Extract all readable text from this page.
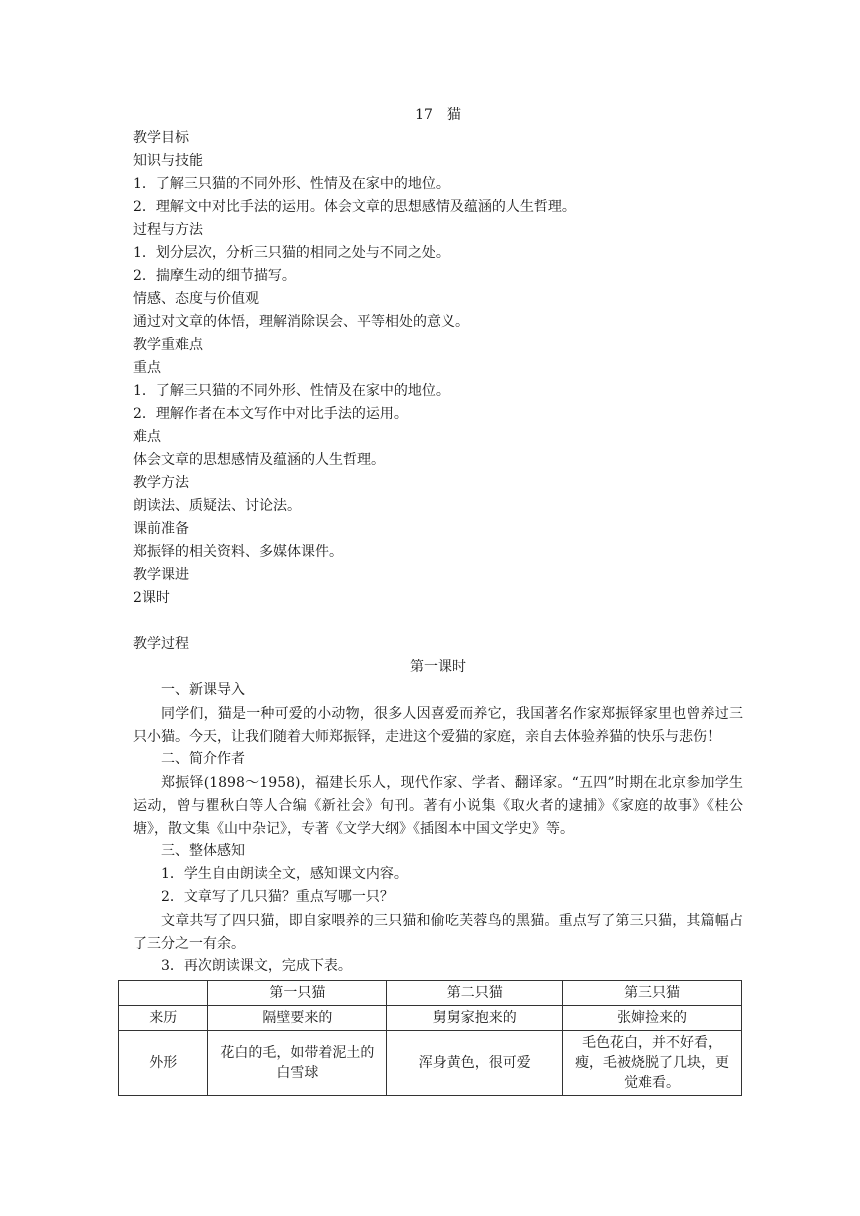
17　猫
教学目标
知识与技能
1．了解三只猫的不同外形、性情及在家中的地位。
2．理解文中对比手法的运用。体会文章的思想感情及蕴涵的人生哲理。
过程与方法
1．划分层次，分析三只猫的相同之处与不同之处。
2．揣摩生动的细节描写。
情感、态度与价值观
通过对文章的体悟，理解消除误会、平等相处的意义。
教学重难点
重点
1．了解三只猫的不同外形、性情及在家中的地位。
2．理解作者在本文写作中对比手法的运用。
难点
体会文章的思想感情及蕴涵的人生哲理。
教学方法
朗读法、质疑法、讨论法。
课前准备
郑振铎的相关资料、多媒体课件。
教学课进
2课时
教学过程
第一课时
一、新课导入
同学们，猫是一种可爱的小动物，很多人因喜爱而养它，我国著名作家郑振铎家里也曾养过三只小猫。今天，让我们随着大师郑振铎，走进这个爱猫的家庭，亲自去体验养猫的快乐与悲伤！
二、简介作者
郑振铎(1898～1958)，福建长乐人，现代作家、学者、翻译家。“五四”时期在北京参加学生运动，曾与瞿秋白等人合编《新社会》旬刊。著有小说集《取火者的逮捕》《家庭的故事》《桂公塘》，散文集《山中杂记》，专著《文学大纲》《插图本中国文学史》等。
三、整体感知
1．学生自由朗读全文，感知课文内容。
2．文章写了几只猫？重点写哪一只？
文章共写了四只猫，即自家喂养的三只猫和偷吃芙蓉鸟的黑猫。重点写了第三只猫，其篇幅占了三分之一有余。
3．再次朗读课文，完成下表。
	第一只猫	第二只猫	第三只猫
来历	隔壁要来的	舅舅家抱来的	张婶捡来的
外形	花白的毛，如带着泥土的白雪球	浑身黄色，很可爱	毛色花白，并不好看，瘦，毛被烧脱了几块，更觉难看。
